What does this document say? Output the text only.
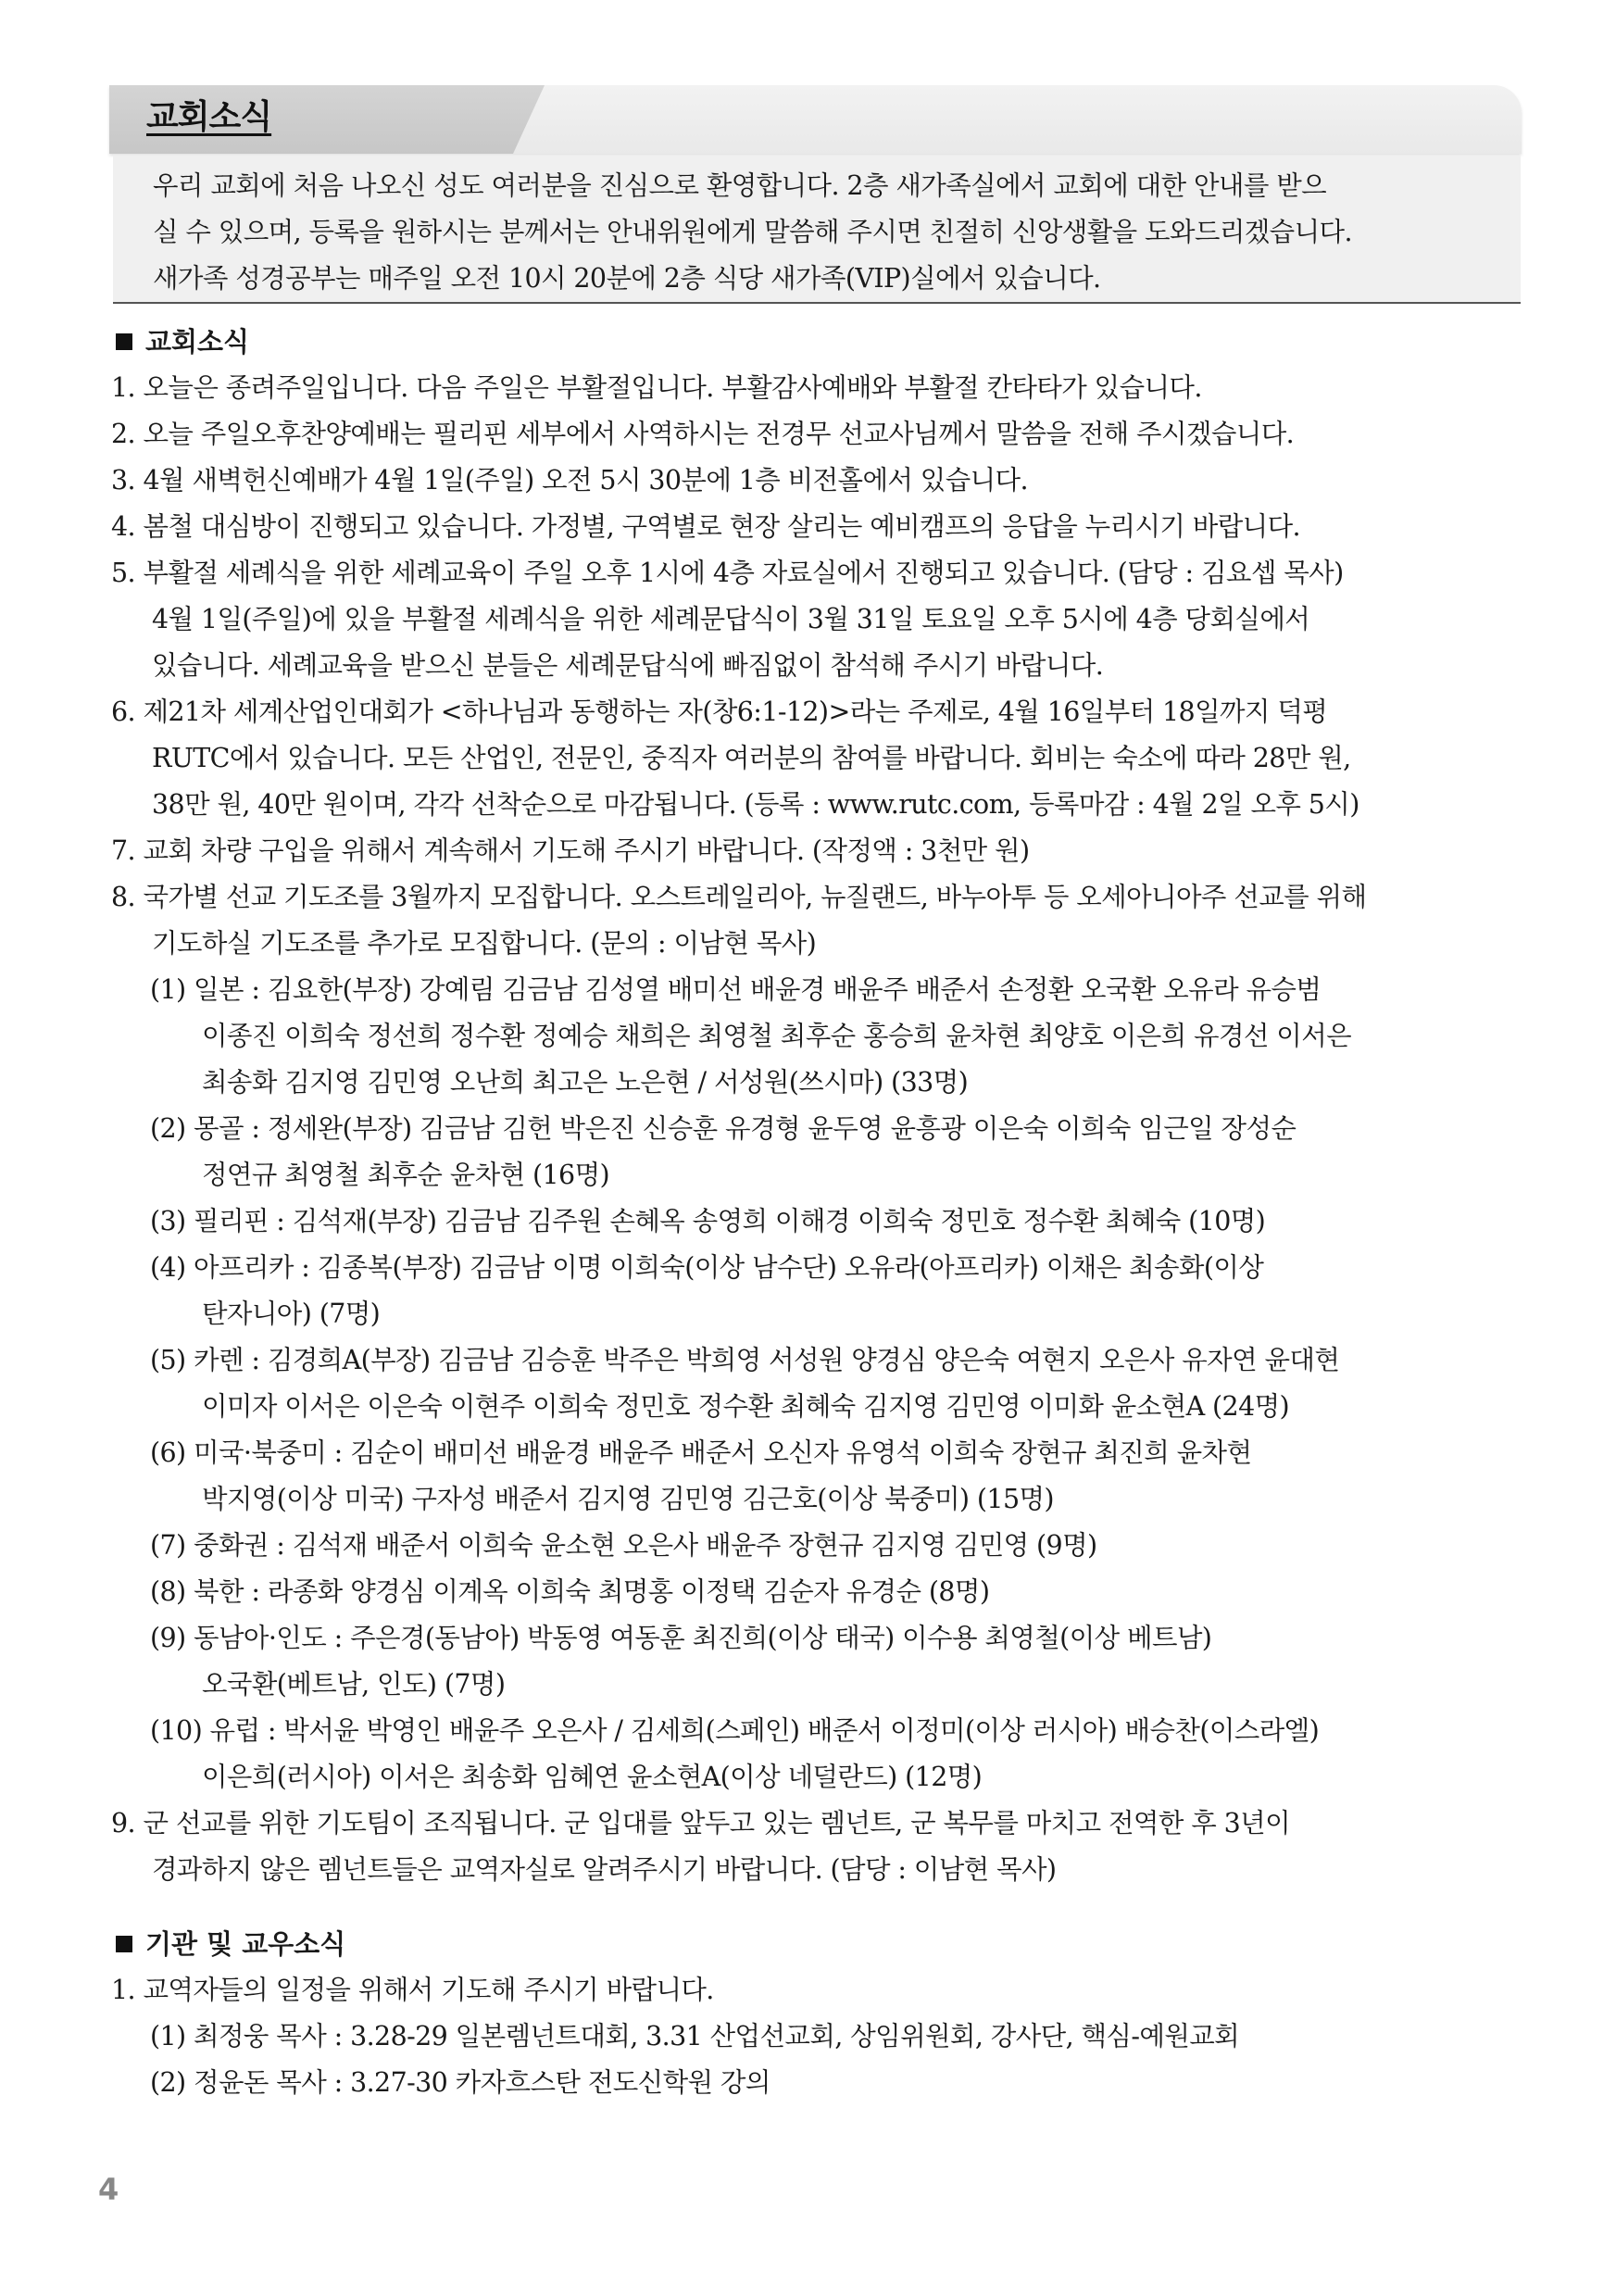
교회소식
우리 교회에 처음 나오신 성도 여러분을 진심으로 환영합니다. 2층 새가족실에서 교회에 대한 안내를 받으
실 수 있으며, 등록을 원하시는 분께서는 안내위원에게 말씀해 주시면 친절히 신앙생활을 도와드리겠습니다.
새가족 성경공부는 매주일 오전 10시 20분에 2층 식당 새가족(VIP)실에서 있습니다.
교회소식
1. 오늘은 종려주일입니다. 다음 주일은 부활절입니다. 부활감사예배와 부활절 칸타타가 있습니다.
2. 오늘 주일오후찬양예배는 필리핀 세부에서 사역하시는 전경무 선교사님께서 말씀을 전해 주시겠습니다.
3. 4월 새벽헌신예배가 4월 1일(주일) 오전 5시 30분에 1층 비전홀에서 있습니다.
4. 봄철 대심방이 진행되고 있습니다. 가정별, 구역별로 현장 살리는 예비캠프의 응답을 누리시기 바랍니다.
5. 부활절 세례식을 위한 세례교육이 주일 오후 1시에 4층 자료실에서 진행되고 있습니다. (담당 : 김요셉 목사)
4월 1일(주일)에 있을 부활절 세례식을 위한 세례문답식이 3월 31일 토요일 오후 5시에 4층 당회실에서
있습니다. 세례교육을 받으신 분들은 세례문답식에 빠짐없이 참석해 주시기 바랍니다.
6. 제21차 세계산업인대회가 <하나님과 동행하는 자(창6:1-12)>라는 주제로, 4월 16일부터 18일까지 덕평
RUTC에서 있습니다. 모든 산업인, 전문인, 중직자 여러분의 참여를 바랍니다. 회비는 숙소에 따라 28만 원,
38만 원, 40만 원이며, 각각 선착순으로 마감됩니다. (등록 : www.rutc.com, 등록마감 : 4월 2일 오후 5시)
7. 교회 차량 구입을 위해서 계속해서 기도해 주시기 바랍니다. (작정액 : 3천만 원)
8. 국가별 선교 기도조를 3월까지 모집합니다. 오스트레일리아, 뉴질랜드, 바누아투 등 오세아니아주 선교를 위해
기도하실 기도조를 추가로 모집합니다. (문의 : 이남현 목사)
(1) 일본 : 김요한(부장) 강예림 김금남 김성열 배미선 배윤경 배윤주 배준서 손정환 오국환 오유라 유승범
이종진 이희숙 정선희 정수환 정예승 채희은 최영철 최후순 홍승희 윤차현 최양호 이은희 유경선 이서은
최송화 김지영 김민영 오난희 최고은 노은현 / 서성원(쓰시마) (33명)
(2) 몽골 : 정세완(부장) 김금남 김헌 박은진 신승훈 유경형 윤두영 윤흥광 이은숙 이희숙 임근일 장성순
정연규 최영철 최후순 윤차현 (16명)
(3) 필리핀 : 김석재(부장) 김금남 김주원 손혜옥 송영희 이해경 이희숙 정민호 정수환 최혜숙 (10명)
(4) 아프리카 : 김종복(부장) 김금남 이명 이희숙(이상 남수단) 오유라(아프리카) 이채은 최송화(이상
탄자니아) (7명)
(5) 카렌 : 김경희A(부장) 김금남 김승훈 박주은 박희영 서성원 양경심 양은숙 여현지 오은사 유자연 윤대현
이미자 이서은 이은숙 이현주 이희숙 정민호 정수환 최혜숙 김지영 김민영 이미화 윤소현A (24명)
(6) 미국·북중미 : 김순이 배미선 배윤경 배윤주 배준서 오신자 유영석 이희숙 장현규 최진희 윤차현
박지영(이상 미국) 구자성 배준서 김지영 김민영 김근호(이상 북중미) (15명)
(7) 중화권 : 김석재 배준서 이희숙 윤소현 오은사 배윤주 장현규 김지영 김민영 (9명)
(8) 북한 : 라종화 양경심 이계옥 이희숙 최명홍 이정택 김순자 유경순 (8명)
(9) 동남아·인도 : 주은경(동남아) 박동영 여동훈 최진희(이상 태국) 이수용 최영철(이상 베트남)
오국환(베트남, 인도) (7명)
(10) 유럽 : 박서윤 박영인 배윤주 오은사 / 김세희(스페인) 배준서 이정미(이상 러시아) 배승찬(이스라엘)
이은희(러시아) 이서은 최송화 임혜연 윤소현A(이상 네덜란드) (12명)
9. 군 선교를 위한 기도팀이 조직됩니다. 군 입대를 앞두고 있는 렘넌트, 군 복무를 마치고 전역한 후 3년이
경과하지 않은 렘넌트들은 교역자실로 알려주시기 바랍니다. (담당 : 이남현 목사)
기관 및 교우소식
1. 교역자들의 일정을 위해서 기도해 주시기 바랍니다.
(1) 최정웅 목사 : 3.28-29 일본렘넌트대회, 3.31 산업선교회, 상임위원회, 강사단, 핵심-예원교회
(2) 정윤돈 목사 : 3.27-30 카자흐스탄 전도신학원 강의
4
